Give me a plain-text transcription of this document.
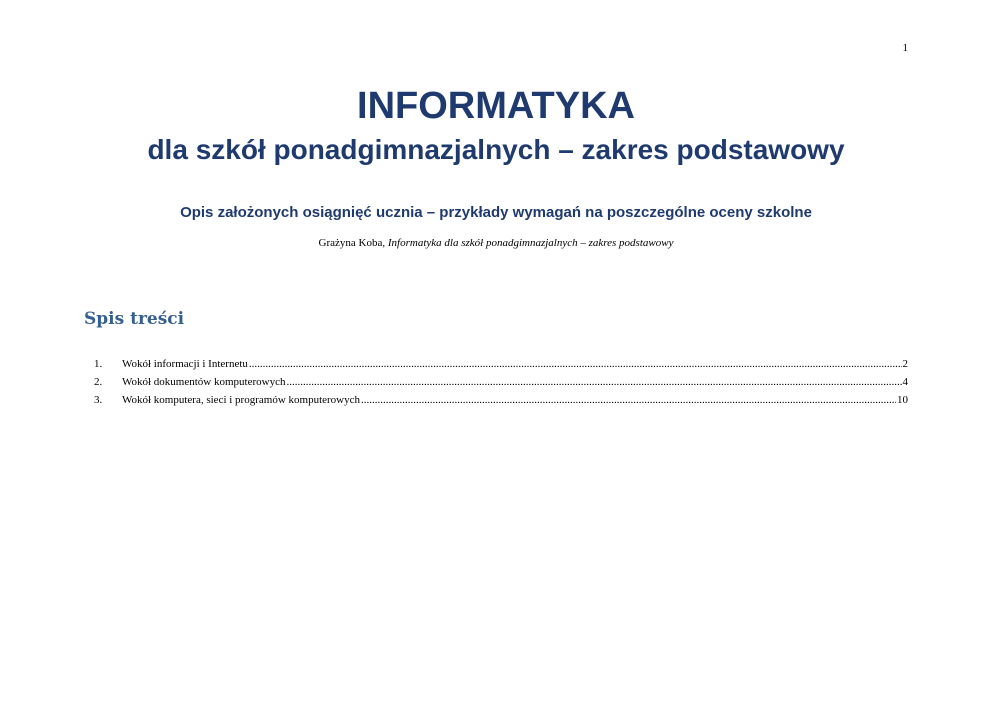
1
INFORMATYKA
dla szkół ponadgimnazjalnych – zakres podstawowy
Opis założonych osiągnięć ucznia – przykłady wymagań na poszczególne oceny szkolne
Grażyna Koba, Informatyka dla szkół ponadgimnazjalnych – zakres podstawowy
Spis treści
1.	Wokół informacji i Internetu .....	2
2.	Wokół dokumentów komputerowych .....	4
3.	Wokół komputera, sieci i programów komputerowych .....	10
